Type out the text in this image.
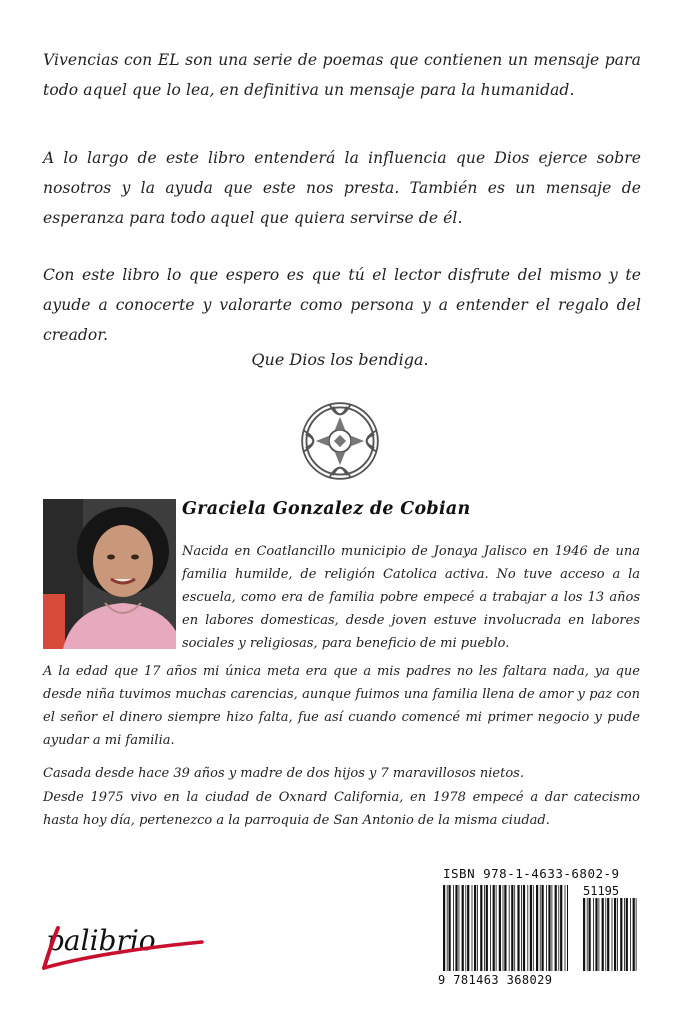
Vivencias con EL son una serie de poemas que contienen un mensaje para todo aquel que lo lea, en definitiva un mensaje para la humanidad.
A lo largo de este libro entenderá la influencia que Dios ejerce sobre nosotros y la ayuda que este nos presta. También es un mensaje de esperanza para todo aquel que quiera servirse de él.
Con este libro lo que espero es que tú el lector disfrute del mismo y te ayude a conocerte y valorarte como persona y a entender el regalo del creador.
Que Dios los bendiga.
Graciela Gonzalez de Cobian
Nacida en Coatlancillo municipio de Jonaya Jalisco en 1946 de una familia humilde, de religión Catolica activa. No tuve acceso a la escuela, como era de familia pobre empecé a trabajar a los 13 años en labores domesticas, desde joven estuve involucrada en labores sociales y religiosas, para beneficio de mi pueblo.
A la edad que 17 años mi única meta era que a mis padres no les faltara nada, ya que desde niña tuvimos muchas carencias, aunque fuimos una familia llena de amor y paz con el señor el dinero siempre hizo falta, fue así cuando comencé mi primer negocio y pude ayudar a mi familia.
Casada desde hace 39 años y madre de dos hijos y 7 maravillosos nietos.
Desde 1975 vivo en la ciudad de Oxnard California, en 1978 empecé a dar catecismo hasta hoy día, pertenezco a la parroquia de San Antonio de la misma ciudad.
palibrio
ISBN 978-1-4633-6802-9
51195
9 781463 368029
